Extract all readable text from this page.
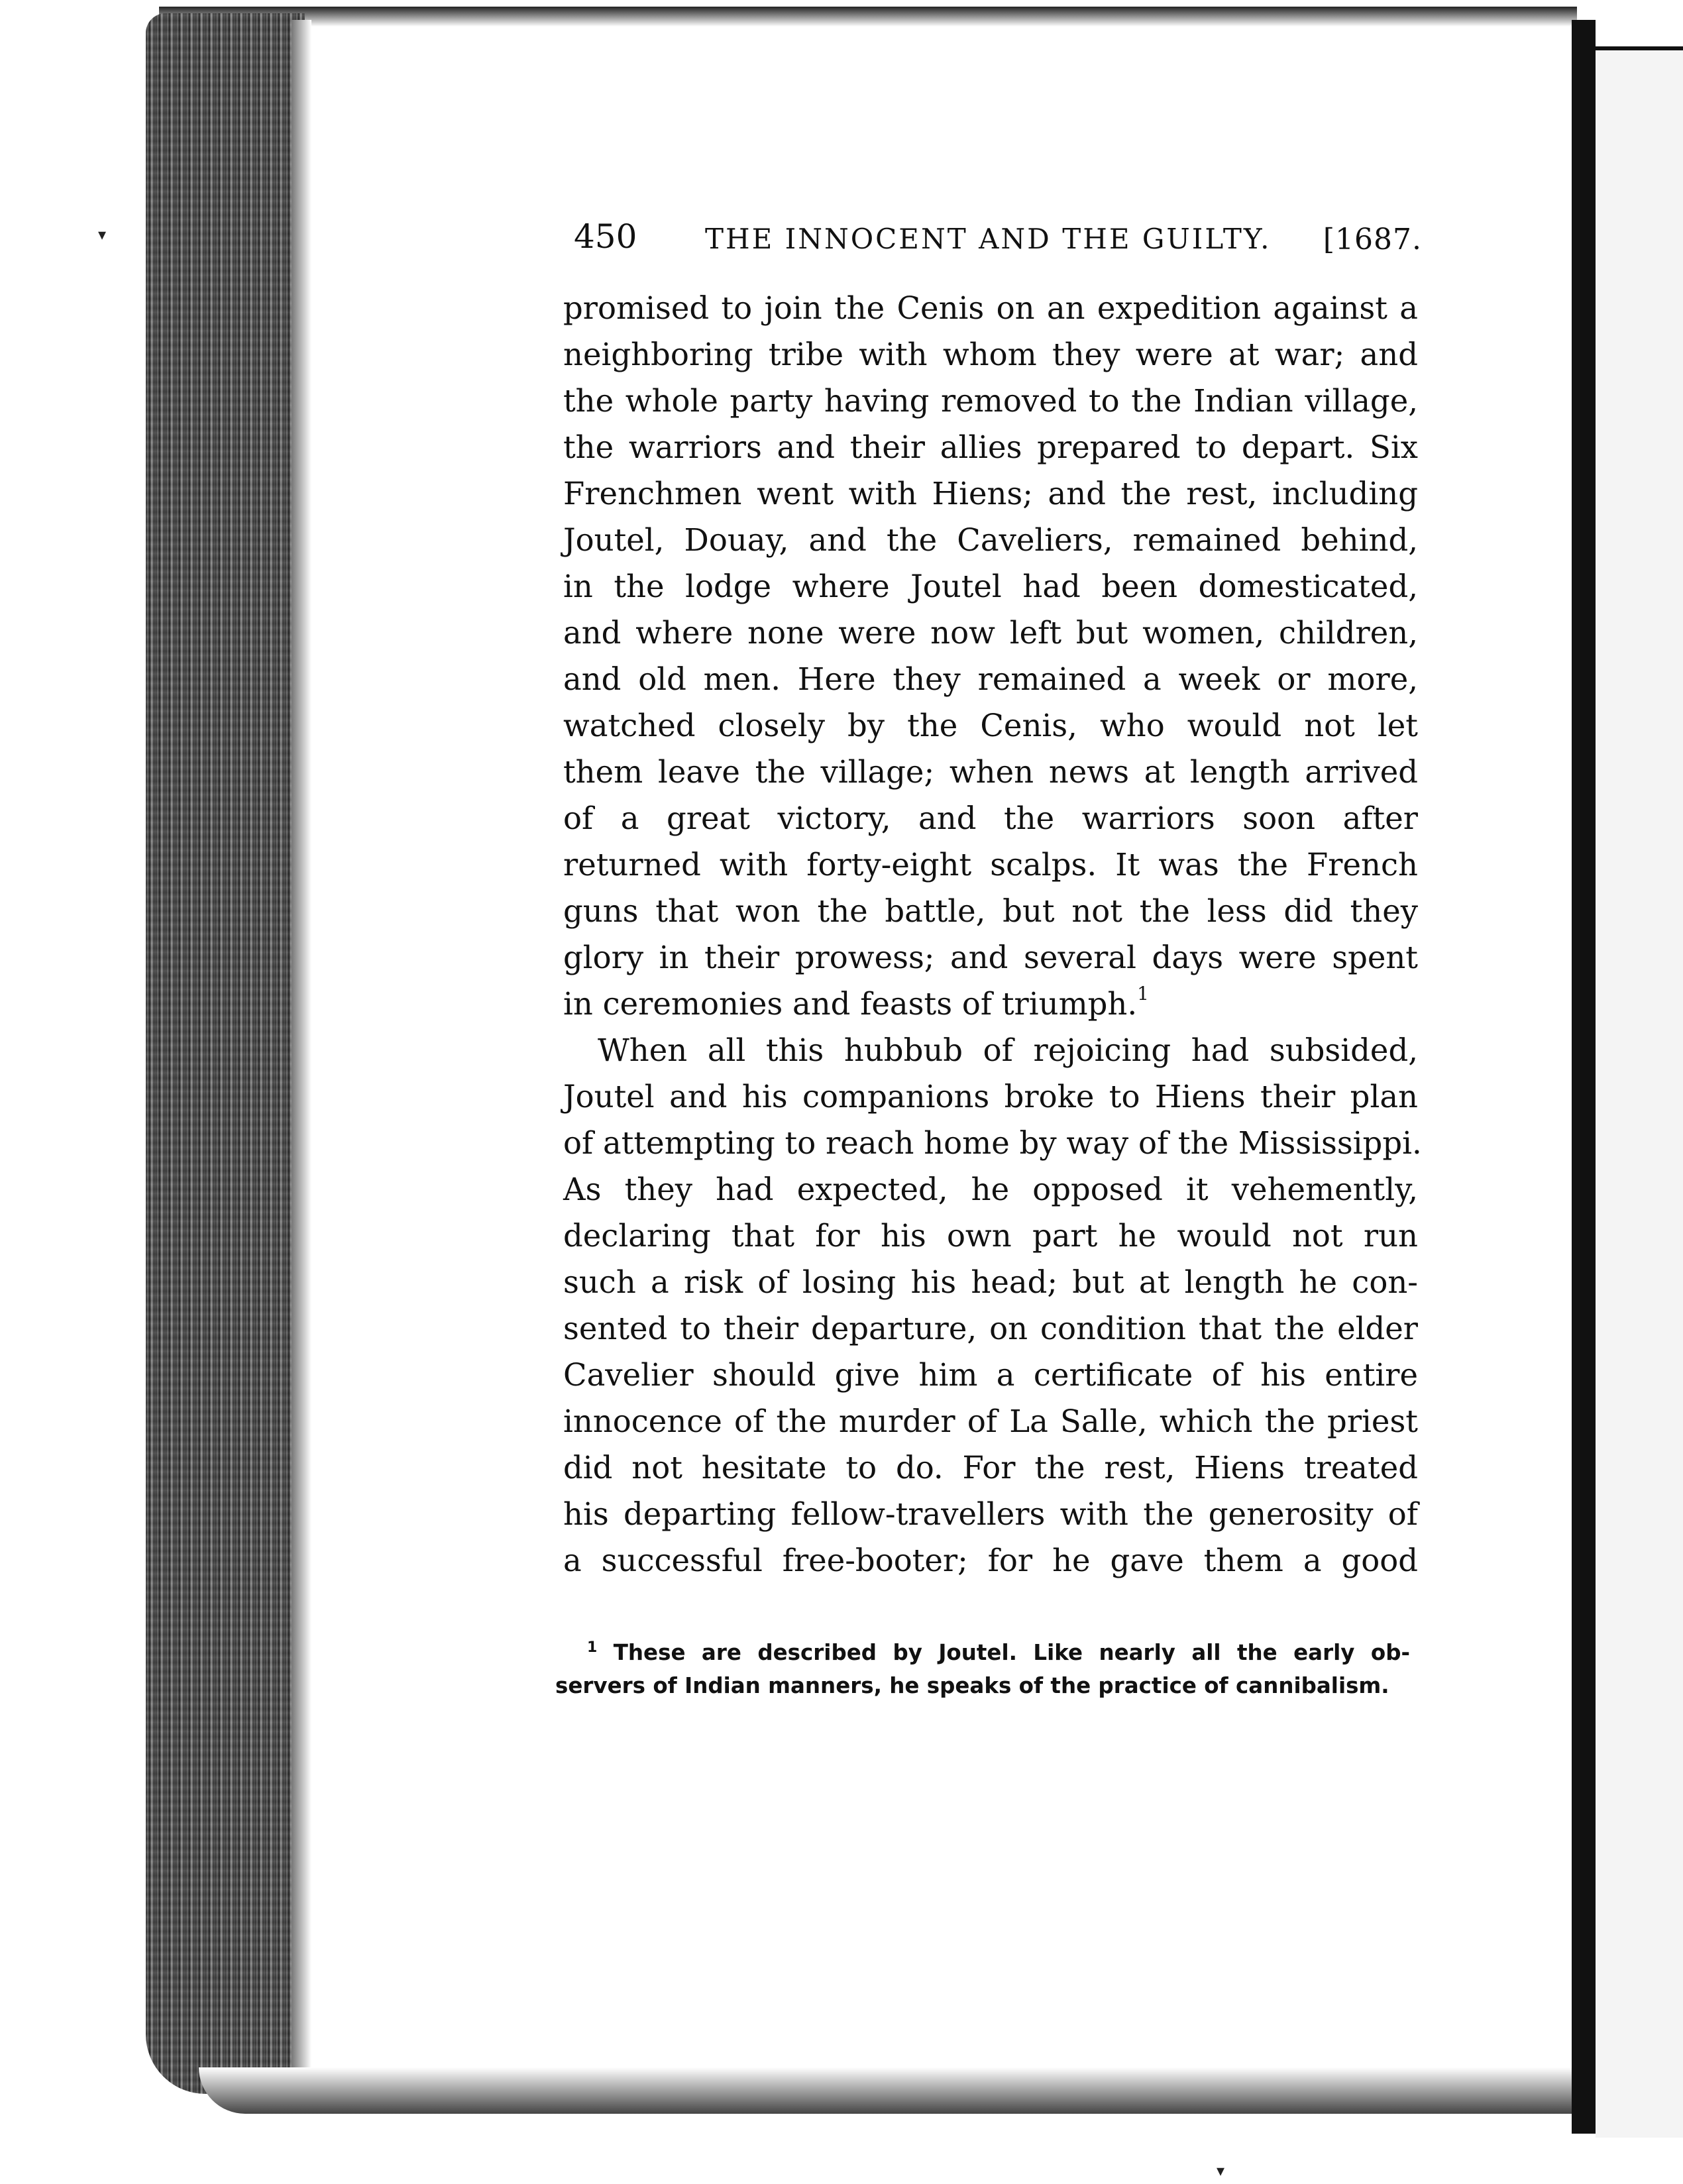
▾
▾
450 THE INNOCENT AND THE GUILTY. [1687.
promised to join the Cenis on an expedition against a
neighboring tribe with whom they were at war; and
the whole party having removed to the Indian village,
the warriors and their allies prepared to depart. Six
Frenchmen went with Hiens; and the rest, including
Joutel, Douay, and the Caveliers, remained behind,
in the lodge where Joutel had been domesticated,
and where none were now left but women, children,
and old men. Here they remained a week or more,
watched closely by the Cenis, who would not let
them leave the village; when news at length arrived
of a great victory, and the warriors soon after
returned with forty-eight scalps. It was the French
guns that won the battle, but not the less did they
glory in their prowess; and several days were spent
in ceremonies and feasts of triumph.$^1$
When all this hubbub of rejoicing had subsided,
Joutel and his companions broke to Hiens their plan
of attempting to reach home by way of the Mississippi.
As they had expected, he opposed it vehemently,
declaring that for his own part he would not run
such a risk of losing his head; but at length he con-
sented to their departure, on condition that the elder
Cavelier should give him a certificate of his entire
innocence of the murder of La Salle, which the priest
did not hesitate to do. For the rest, Hiens treated
his departing fellow-travellers with the generosity of
a successful free-booter; for he gave them a good
$^1$ These are described by Joutel. Like nearly all the early ob-
servers of Indian manners, he speaks of the practice of cannibalism.
